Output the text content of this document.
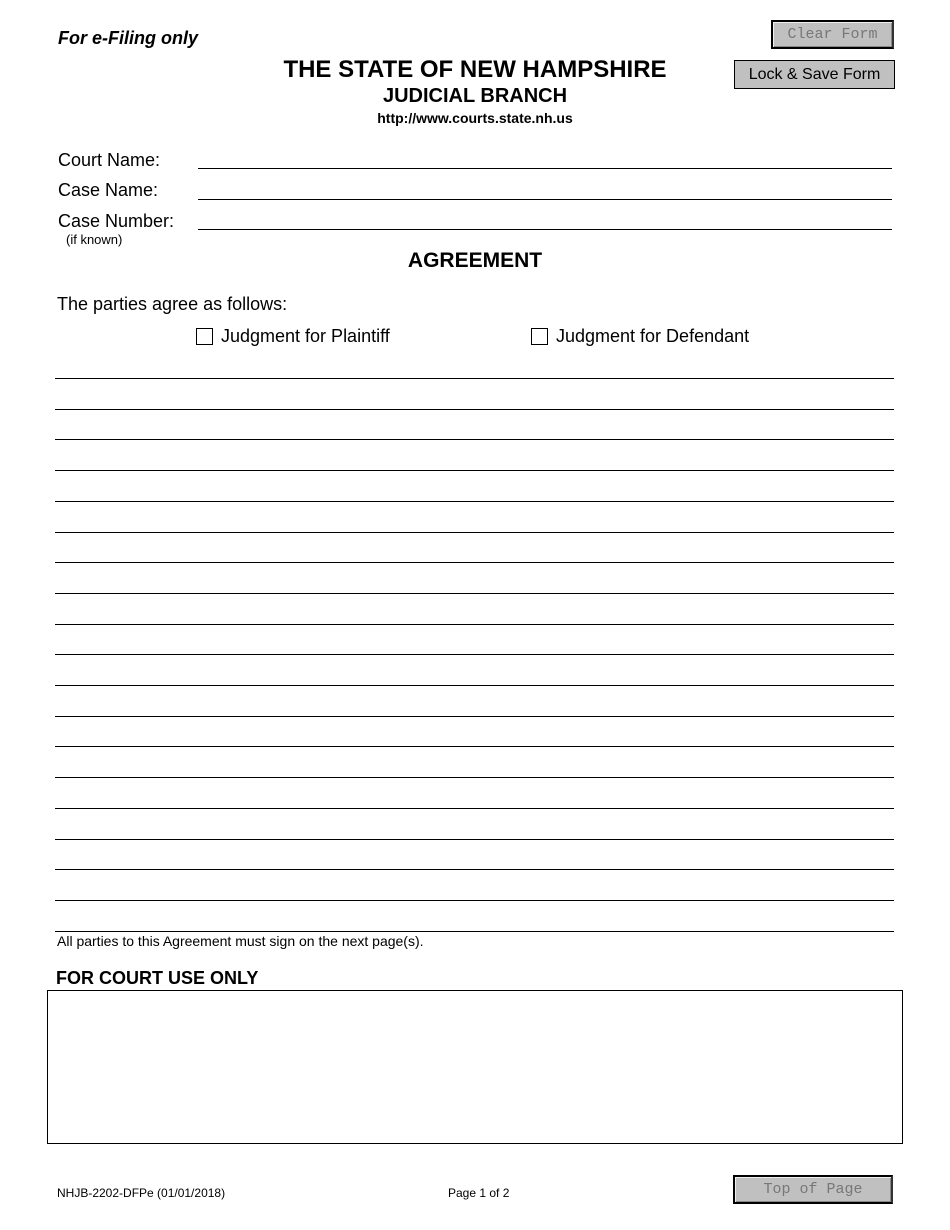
For e-Filing only
THE STATE OF NEW HAMPSHIRE
JUDICIAL BRANCH
http://www.courts.state.nh.us
Clear Form
Lock & Save Form
Court Name:
Case Name:
Case Number:
(if known)
AGREEMENT
The parties agree as follows:
Judgment for Plaintiff	Judgment for Defendant
All parties to this Agreement must sign on the next page(s).
FOR COURT USE ONLY
NHJB-2202-DFPe (01/01/2018)	Page 1 of 2	Top of Page
